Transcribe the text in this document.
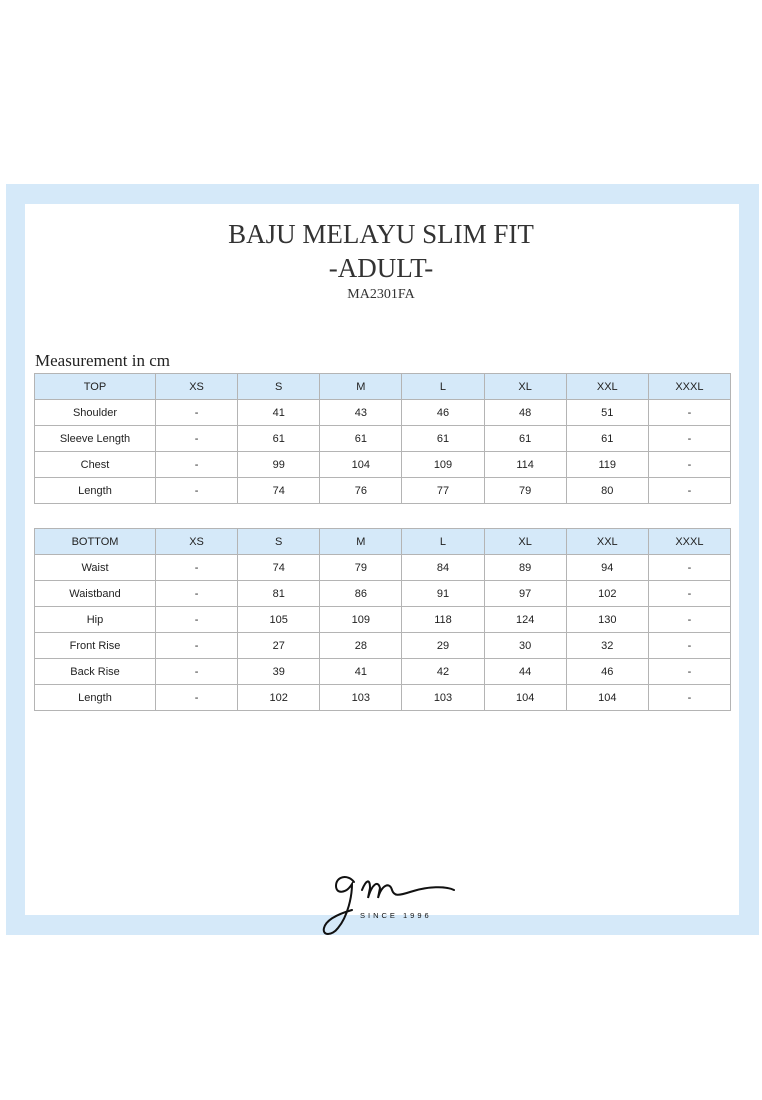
BAJU MELAYU SLIM FIT
-ADULT-
MA2301FA
Measurement in cm
TOP	XS	S	M	L	XL	XXL	XXXL
Shoulder	-	41	43	46	48	51	-
Sleeve Length	-	61	61	61	61	61	-
Chest	-	99	104	109	114	119	-
Length	-	74	76	77	79	80	-
BOTTOM	XS	S	M	L	XL	XXL	XXXL
Waist	-	74	79	84	89	94	-
Waistband	-	81	86	91	97	102	-
Hip	-	105	109	118	124	130	-
Front Rise	-	27	28	29	30	32	-
Back Rise	-	39	41	42	44	46	-
Length	-	102	103	103	104	104	-
SINCE 1996
